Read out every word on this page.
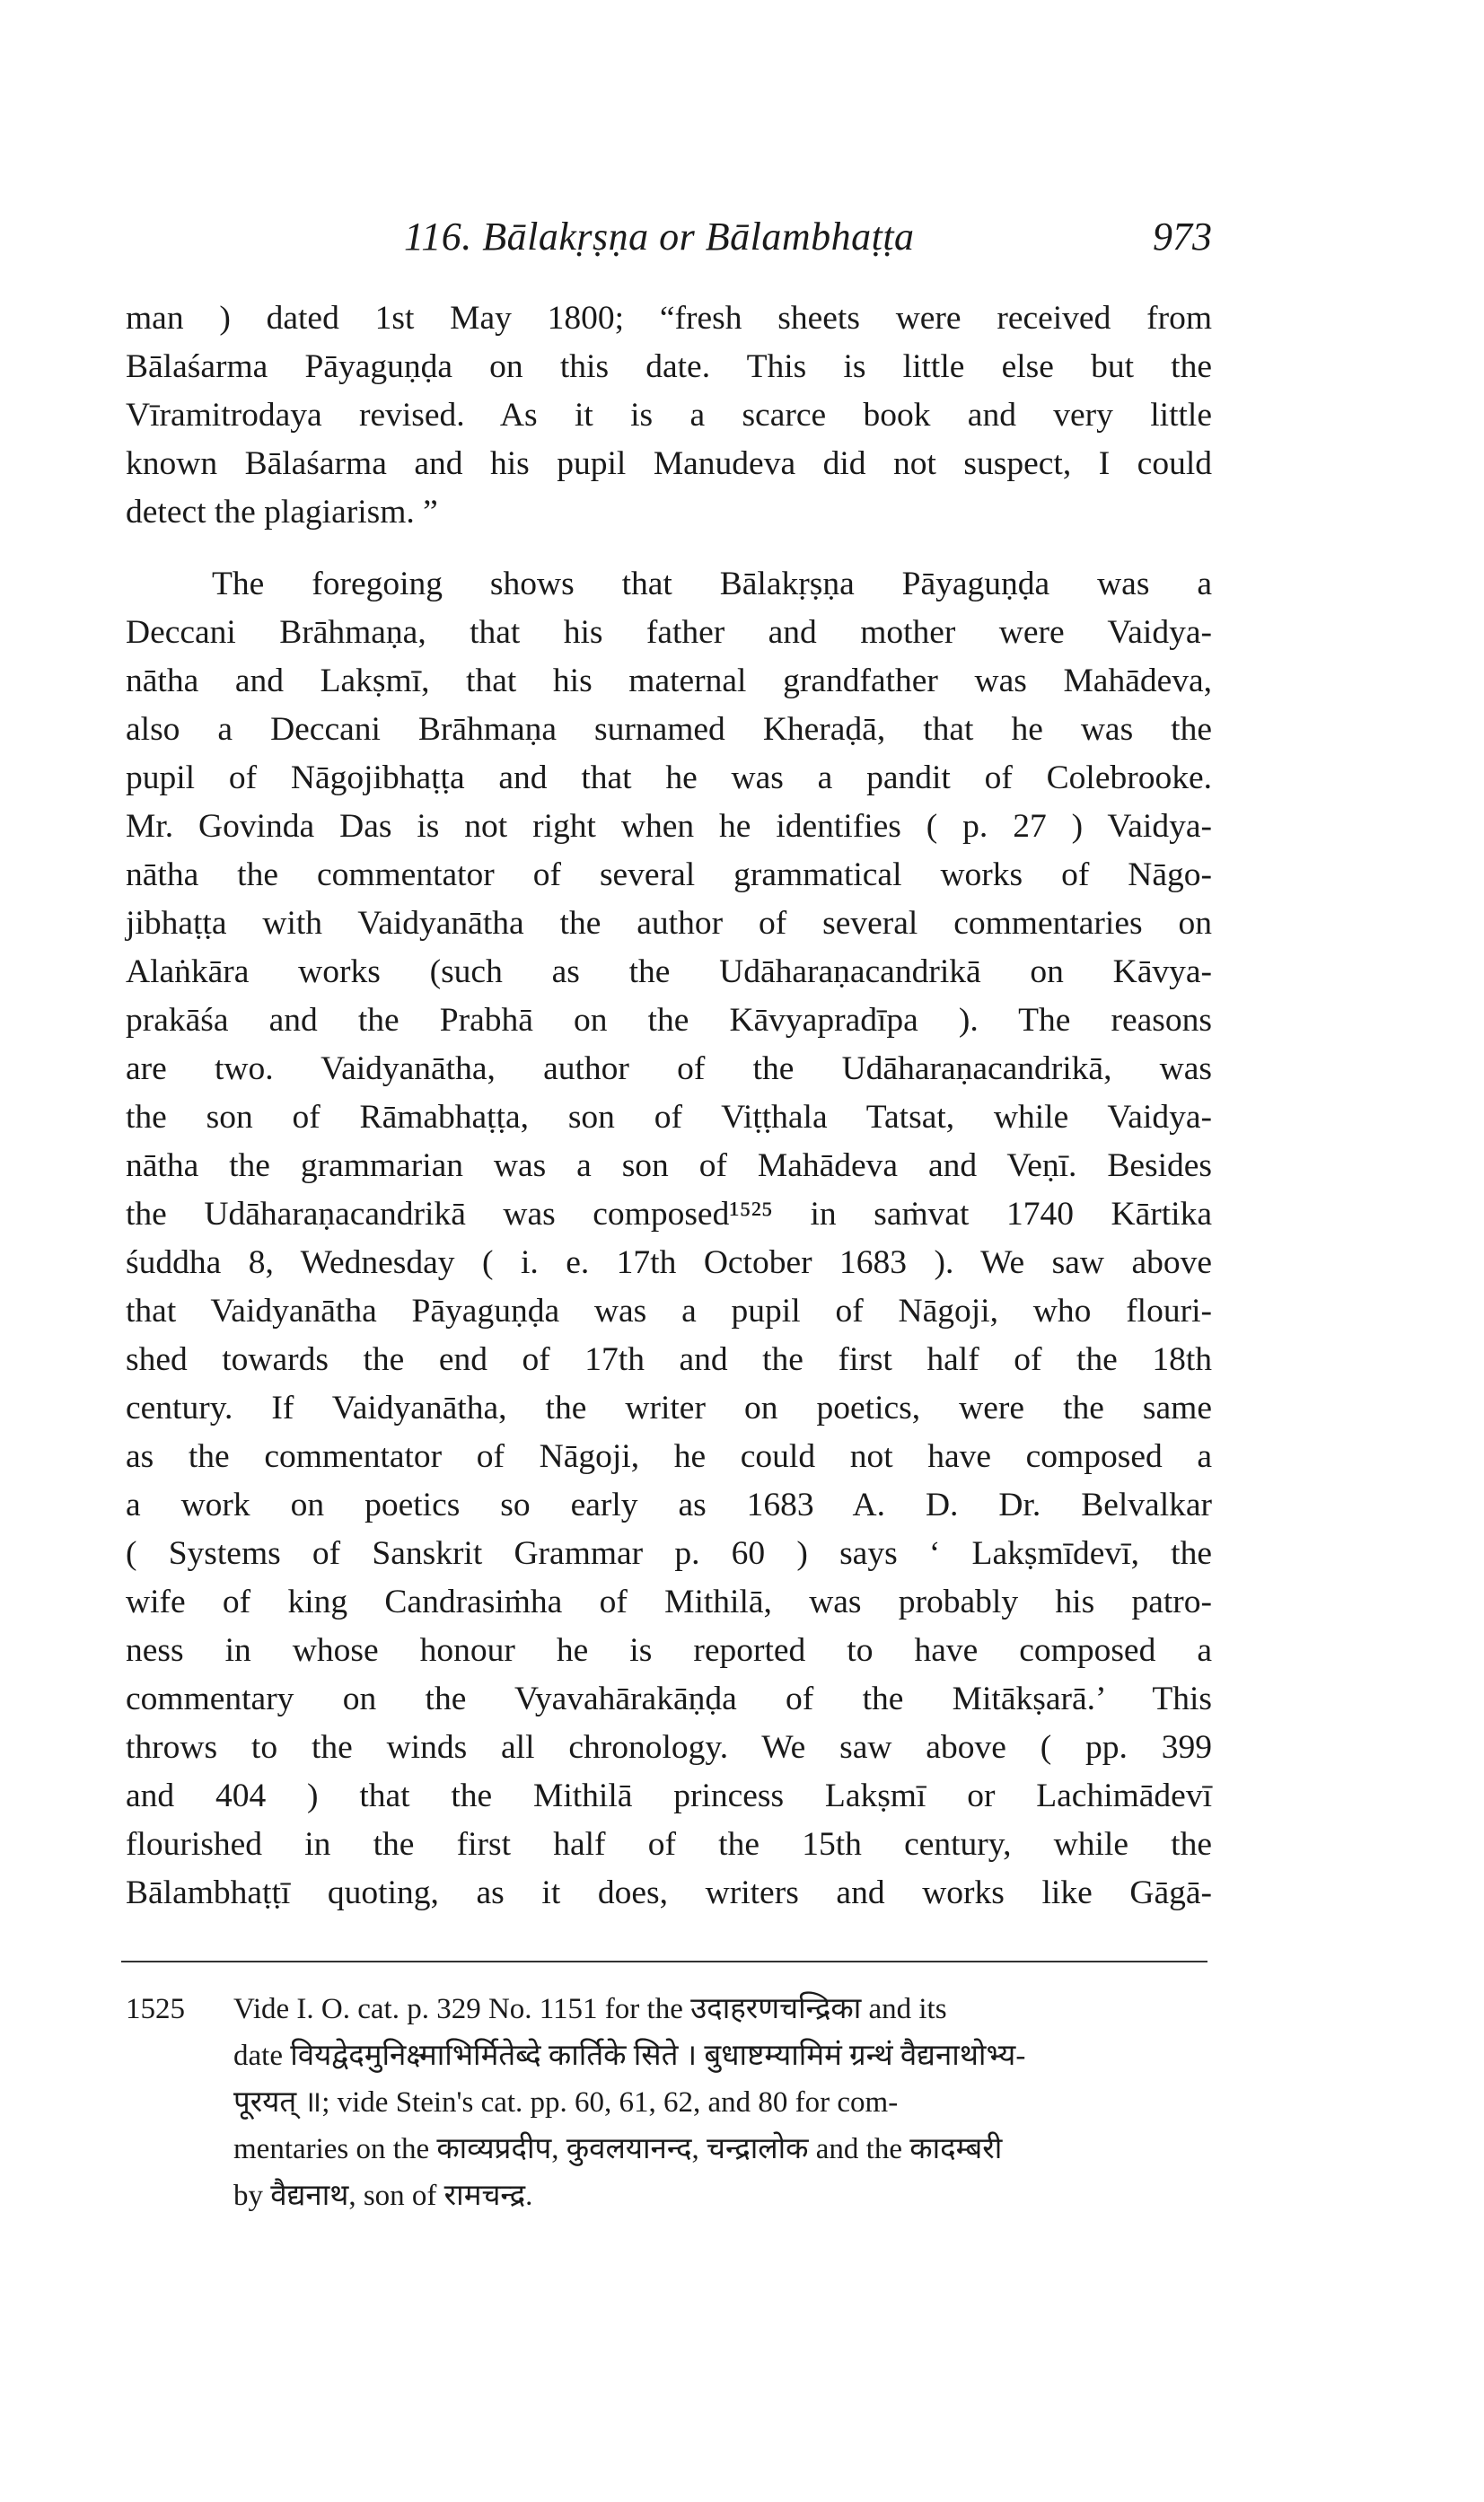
116. Bālakṛṣṇa or Bālambhaṭṭa	973
man ) dated 1st May 1800; “fresh sheets were received from
Bālaśarma Pāyaguṇḍa on this date. This is little else but the
Vīramitrodaya revised. As it is a scarce book and very little
known Bālaśarma and his pupil Manudeva did not suspect, I could
detect the plagiarism. ”
The foregoing shows that Bālakṛṣṇa Pāyaguṇḍa was a
Deccani Brāhmaṇa, that his father and mother were Vaidya-
nātha and Lakṣmī, that his maternal grandfather was Mahādeva,
also a Deccani Brāhmaṇa surnamed Kheraḍā, that he was the
pupil of Nāgojibhaṭṭa and that he was a pandit of Colebrooke.
Mr. Govinda Das is not right when he identifies ( p. 27 ) Vaidya-
nātha the commentator of several grammatical works of Nāgo-
jibhaṭṭa with Vaidyanātha the author of several commentaries on
Alaṅkāra works (such as the Udāharaṇacandrikā on Kāvya-
prakāśa and the Prabhā on the Kāvyapradīpa ). The reasons
are two. Vaidyanātha, author of the Udāharaṇacandrikā, was
the son of Rāmabhaṭṭa, son of Viṭṭhala Tatsat, while Vaidya-
nātha the grammarian was a son of Mahādeva and Veṇī. Besides
the Udāharaṇacandrikā was composed¹⁵²⁵ in saṁvat 1740 Kārtika
śuddha 8, Wednesday ( i. e. 17th October 1683 ). We saw above
that Vaidyanātha Pāyaguṇḍa was a pupil of Nāgoji, who flouri-
shed towards the end of 17th and the first half of the 18th
century. If Vaidyanātha, the writer on poetics, were the same
as the commentator of Nāgoji, he could not have composed a
a work on poetics so early as 1683 A. D. Dr. Belvalkar
( Systems of Sanskrit Grammar p. 60 ) says ‘ Lakṣmīdevī, the
wife of king Candrasiṁha of Mithilā, was probably his patro-
ness in whose honour he is reported to have composed a
commentary on the Vyavahārakāṇḍa of the Mitākṣarā.’ This
throws to the winds all chronology. We saw above ( pp. 399
and 404 ) that the Mithilā princess Lakṣmī or Lachimādevī
flourished in the first half of the 15th century, while the
Bālambhaṭṭī quoting, as it does, writers and works like Gāgā-
1525 Vide I. O. cat. p. 329 No. 1151 for the उदाहरणचन्द्रिका and its
date वियद्वेदमुनिक्ष्माभिर्मिते‍ब्दे कार्तिके सिते । बुधाष्टम्यामिमं ग्रन्थं वैद्यनाथोभ्य-
पूरयत् ॥; vide Stein's cat. pp. 60, 61, 62, and 80 for com-
mentaries on the काव्यप्रदीप, कुवलयानन्द, चन्द्रालोक and the कादम्बरी
by वैद्यनाथ, son of रामचन्द्र.
